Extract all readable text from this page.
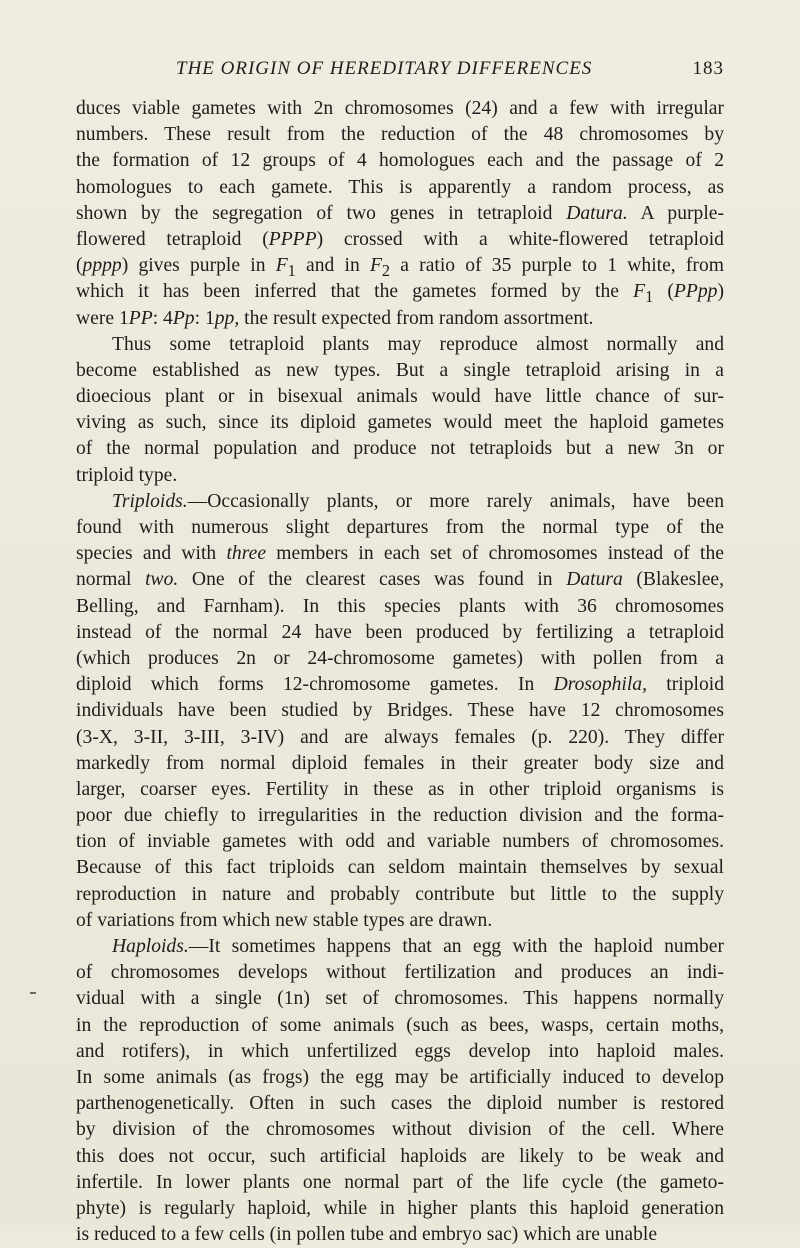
THE ORIGIN OF HEREDITARY DIFFERENCES	183
duces viable gametes with 2n chromosomes (24) and a few with irregular
numbers. These result from the reduction of the 48 chromosomes by
the formation of 12 groups of 4 homologues each and the passage of 2
homologues to each gamete. This is apparently a random process, as
shown by the segregation of two genes in tetraploid Datura. A purple-
flowered tetraploid (PPPP) crossed with a white-flowered tetraploid
(pppp) gives purple in $F_1$ and in $F_2$ a ratio of 35 purple to 1 white, from
which it has been inferred that the gametes formed by the $F_1$ (PPpp)
were 1PP: 4Pp: 1pp, the result expected from random assortment.
Thus some tetraploid plants may reproduce almost normally and
become established as new types. But a single tetraploid arising in a
dioecious plant or in bisexual animals would have little chance of sur-
viving as such, since its diploid gametes would meet the haploid gametes
of the normal population and produce not tetraploids but a new 3n or
triploid type.
Triploids.—Occasionally plants, or more rarely animals, have been
found with numerous slight departures from the normal type of the
species and with three members in each set of chromosomes instead of the
normal two. One of the clearest cases was found in Datura (Blakeslee,
Belling, and Farnham). In this species plants with 36 chromosomes
instead of the normal 24 have been produced by fertilizing a tetraploid
(which produces 2n or 24-chromosome gametes) with pollen from a
diploid which forms 12-chromosome gametes. In Drosophila, triploid
individuals have been studied by Bridges. These have 12 chromosomes
(3-X, 3-II, 3-III, 3-IV) and are always females (p. 220). They differ
markedly from normal diploid females in their greater body size and
larger, coarser eyes. Fertility in these as in other triploid organisms is
poor due chiefly to irregularities in the reduction division and the forma-
tion of inviable gametes with odd and variable numbers of chromosomes.
Because of this fact triploids can seldom maintain themselves by sexual
reproduction in nature and probably contribute but little to the supply
of variations from which new stable types are drawn.
Haploids.—It sometimes happens that an egg with the haploid number
of chromosomes develops without fertilization and produces an indi-
vidual with a single (1n) set of chromosomes. This happens normally
in the reproduction of some animals (such as bees, wasps, certain moths,
and rotifers), in which unfertilized eggs develop into haploid males.
In some animals (as frogs) the egg may be artificially induced to develop
parthenogenetically. Often in such cases the diploid number is restored
by division of the chromosomes without division of the cell. Where
this does not occur, such artificial haploids are likely to be weak and
infertile. In lower plants one normal part of the life cycle (the gameto-
phyte) is regularly haploid, while in higher plants this haploid generation
is reduced to a few cells (in pollen tube and embryo sac) which are unable
